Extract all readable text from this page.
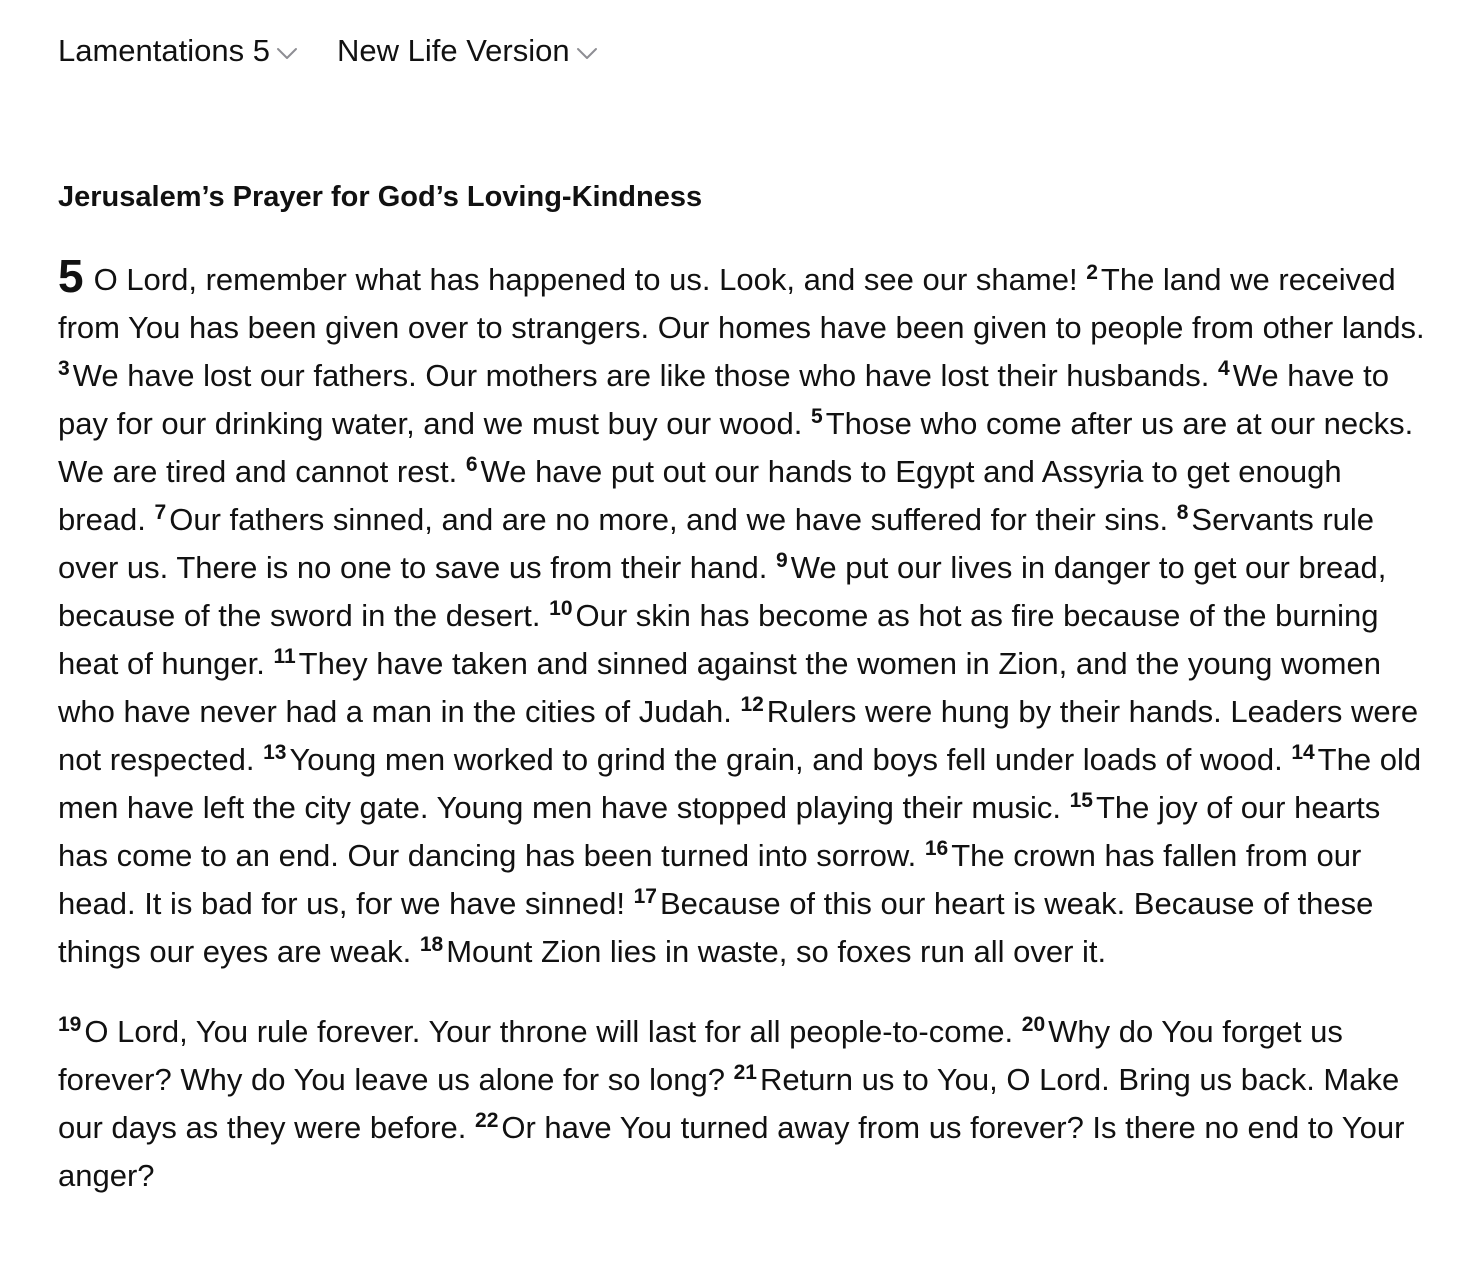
Lamentations 5 New Life Version
Jerusalem’s Prayer for God’s Loving-Kindness

5 O Lord, remember what has happened to us. Look, and see our shame! $^2$The land we received from You has been given over to strangers. Our homes have been given to people from other lands. $^3$We have lost our fathers. Our mothers are like those who have lost their husbands. $^4$We have to pay for our drinking water, and we must buy our wood. $^5$Those who come after us are at our necks. We are tired and cannot rest. $^6$We have put out our hands to Egypt and Assyria to get enough bread. $^7$Our fathers sinned, and are no more, and we have suffered for their sins. $^8$Servants rule over us. There is no one to save us from their hand. $^9$We put our lives in danger to get our bread, because of the sword in the desert. $^{10}$Our skin has become as hot as fire because of the burning heat of hunger. $^{11}$They have taken and sinned against the women in Zion, and the young women who have never had a man in the cities of Judah. $^{12}$Rulers were hung by their hands. Leaders were not respected. $^{13}$Young men worked to grind the grain, and boys fell under loads of wood. $^{14}$The old men have left the city gate. Young men have stopped playing their music. $^{15}$The joy of our hearts has come to an end. Our dancing has been turned into sorrow. $^{16}$The crown has fallen from our head. It is bad for us, for we have sinned! $^{17}$Because of this our heart is weak. Because of these things our eyes are weak. $^{18}$Mount Zion lies in waste, so foxes run all over it.

$^{19}$O Lord, You rule forever. Your throne will last for all people-to-come. $^{20}$Why do You forget us forever? Why do You leave us alone for so long? $^{21}$Return us to You, O Lord. Bring us back. Make our days as they were before. $^{22}$Or have You turned away from us forever? Is there no end to Your anger?
